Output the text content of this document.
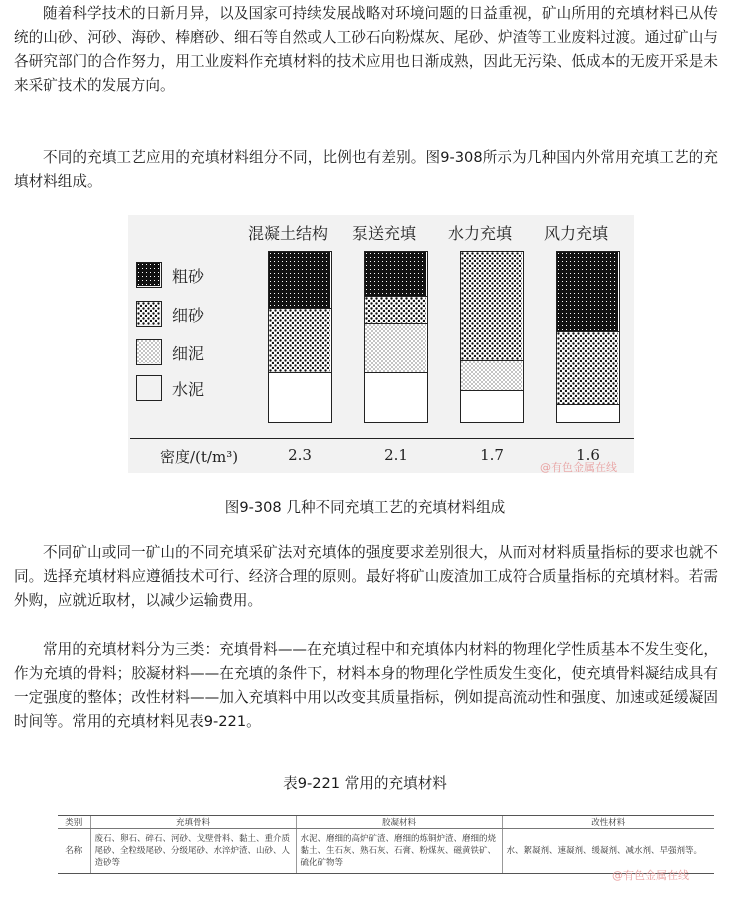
随着科学技术的日新月异，以及国家可持续发展战略对环境问题的日益重视，矿山所用的充填材料已从传统的山砂、河砂、海砂、棒磨砂、细石等自然或人工砂石向粉煤灰、尾砂、炉渣等工业废料过渡。通过矿山与各研究部门的合作努力，用工业废料作充填材料的技术应用也日渐成熟，因此无污染、低成本的无废开采是未来采矿技术的发展方向。

不同的充填工艺应用的充填材料组分不同，比例也有差别。图9-308所示为几种国内外常用充填工艺的充填材料组成。

混凝土结构	泵送充填	水力充填	风力充填
粗砂
细砂
细泥
水泥
密度/(t/m³)	2.3	2.1	1.7	1.6
@有色金属在线

图9-308 几种不同充填工艺的充填材料组成

不同矿山或同一矿山的不同充填采矿法对充填体的强度要求差别很大，从而对材料质量指标的要求也就不同。选择充填材料应遵循技术可行、经济合理的原则。最好将矿山废渣加工成符合质量指标的充填材料。若需外购，应就近取材，以减少运输费用。

常用的充填材料分为三类：充填骨料——在充填过程中和充填体内材料的物理化学性质基本不发生变化，作为充填的骨料；胶凝材料——在充填的条件下，材料本身的物理化学性质发生变化，使充填骨料凝结成具有一定强度的整体；改性材料——加入充填料中用以改变其质量指标，例如提高流动性和强度、加速或延缓凝固时间等。常用的充填材料见表9-221。

表9-221 常用的充填材料

类别	充填骨料	胶凝材料	改性材料
名称	废石、卵石、碎石、河砂、戈壁骨料、黏土、重介质尾砂、全粒级尾砂、分级尾砂、水淬炉渣、山砂、人造砂等	水泥、磨细的高炉矿渣、磨细的炼铜炉渣、磨细的烧黏土、生石灰、熟石灰、石膏、粉煤灰、磁黄铁矿、硫化矿物等	水、絮凝剂、速凝剂、缓凝剂、减水剂、早强剂等。
@有色金属在线
